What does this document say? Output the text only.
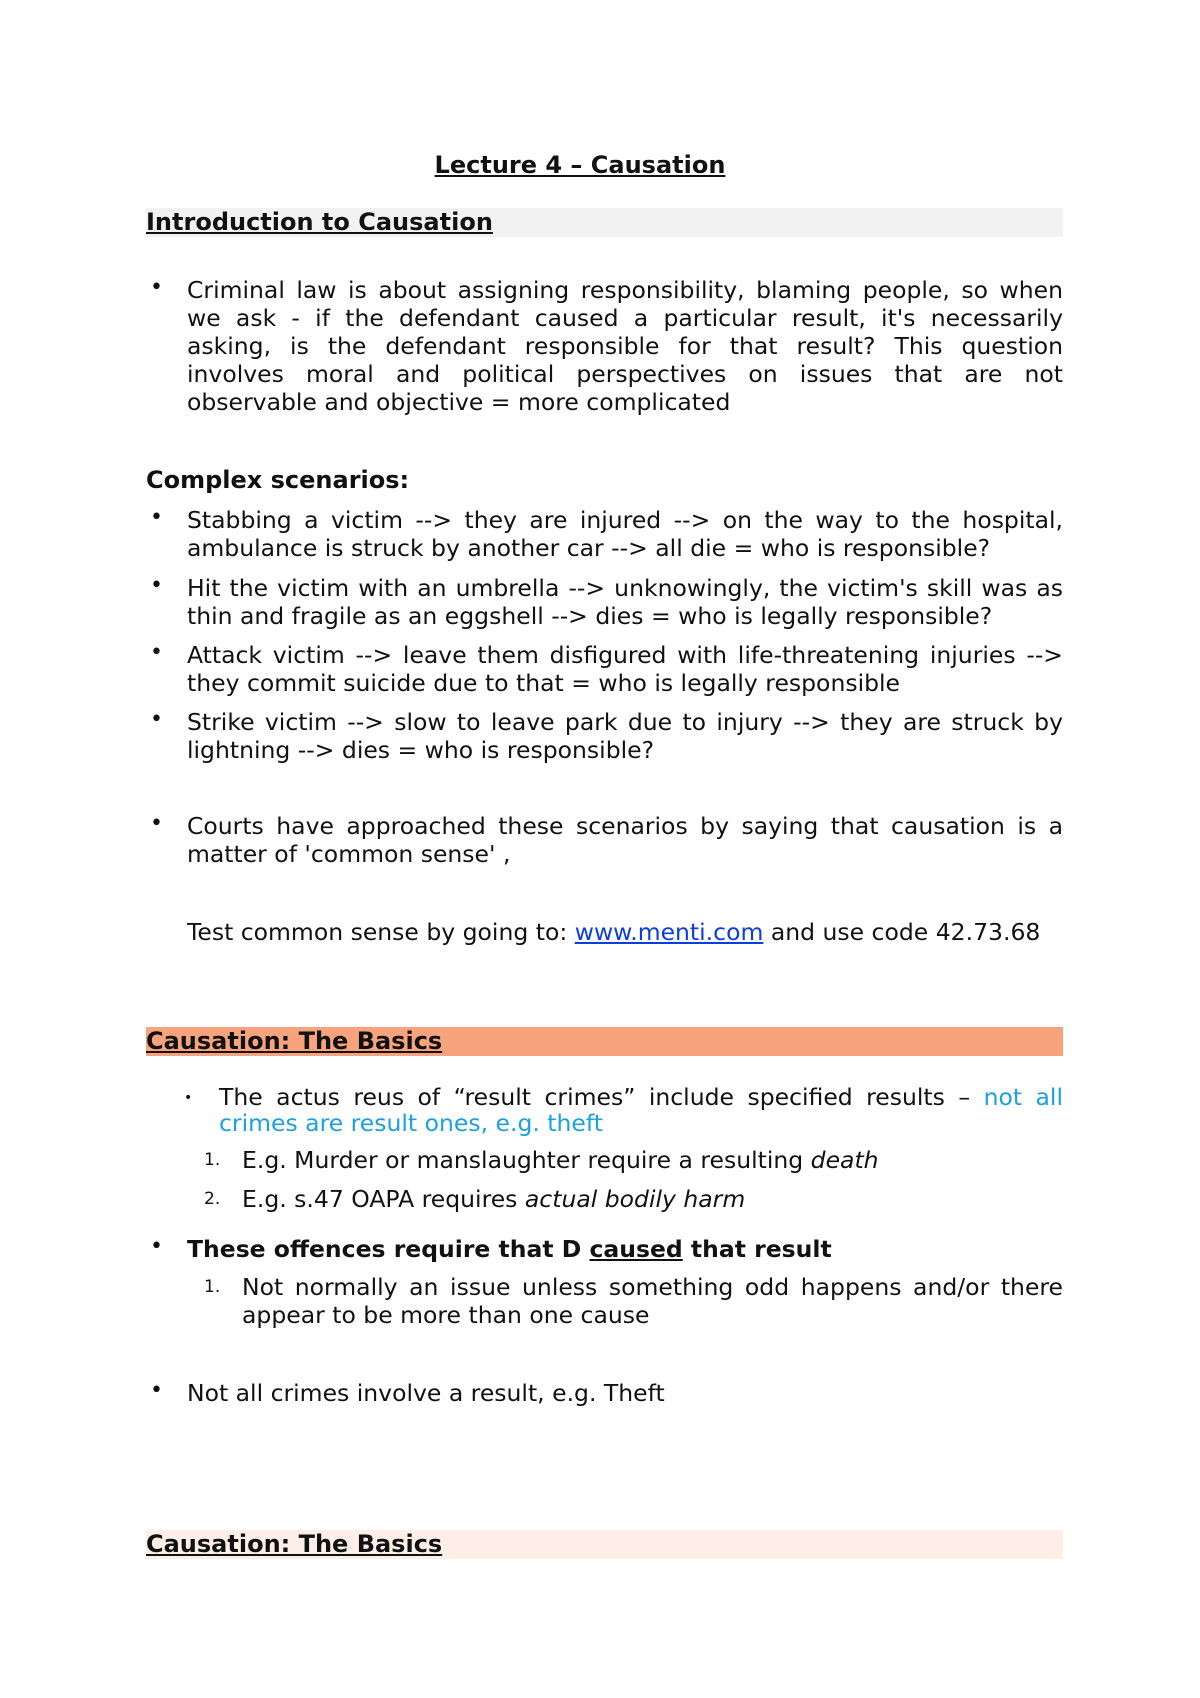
Lecture 4 – Causation
Introduction to Causation
• Criminal law is about assigning responsibility, blaming people, so when we ask - if the defendant caused a particular result, it's necessarily asking, is the defendant responsible for that result? This question involves moral and political perspectives on issues that are not observable and objective = more complicated
Complex scenarios:
• Stabbing a victim --> they are injured --> on the way to the hospital, ambulance is struck by another car --> all die = who is responsible?
• Hit the victim with an umbrella --> unknowingly, the victim's skill was as thin and fragile as an eggshell --> dies = who is legally responsible?
• Attack victim --> leave them disfigured with life-threatening injuries --> they commit suicide due to that = who is legally responsible
• Strike victim --> slow to leave park due to injury --> they are struck by lightning --> dies = who is responsible?
• Courts have approached these scenarios by saying that causation is a matter of 'common sense' ,
Test common sense by going to: www.menti.com and use code 42.73.68
Causation: The Basics
• The actus reus of “result crimes” include specified results – not all crimes are result ones, e.g. theft
1. E.g. Murder or manslaughter require a resulting death
2. E.g. s.47 OAPA requires actual bodily harm
• These offences require that D caused that result
1. Not normally an issue unless something odd happens and/or there appear to be more than one cause
• Not all crimes involve a result, e.g. Theft
Causation: The Basics
